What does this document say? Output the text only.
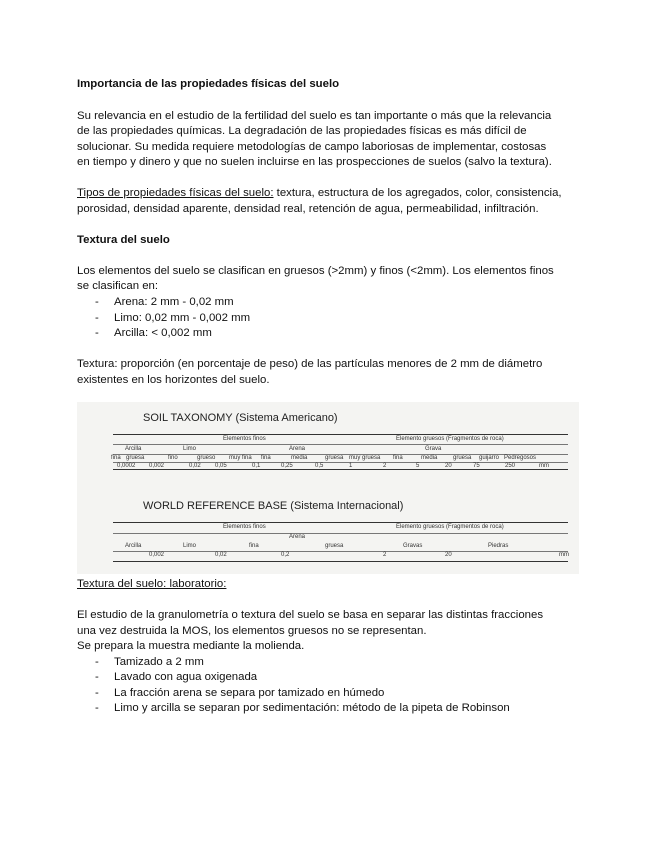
Importancia de las propiedades físicas del suelo
Su relevancia en el estudio de la fertilidad del suelo es tan importante o más que la relevancia
de las propiedades químicas. La degradación de las propiedades físicas es más difícil de
solucionar. Su medida requiere metodologías de campo laboriosas de implementar, costosas
en tiempo y dinero y que no suelen incluirse en las prospecciones de suelos (salvo la textura).
Tipos de propiedades físicas del suelo: textura, estructura de los agregados, color, consistencia,
porosidad, densidad aparente, densidad real, retención de agua, permeabilidad, infiltración.
Textura del suelo
Los elementos del suelo se clasifican en gruesos (>2mm) y finos (<2mm). Los elementos finos
se clasifican en:
- Arena: 2 mm - 0,02 mm
- Limo: 0,02 mm - 0,002 mm
- Arcilla: < 0,002 mm
Textura: proporción (en porcentaje de peso) de las partículas menores de 2 mm de diámetro
existentes en los horizontes del suelo.
SOIL TAXONOMY (Sistema Americano)
Elementos finos	Elemento gruesos (Fragmentos de roca)
Arcilla	Limo	Arena	Grava
fina gruesa	fino	grueso muy fina fina	media	gruesa muy gruesa fina	media	gruesa guijarro Pedregosos
0,0002 0,002	0,02 0,05	0,1	0,25	0,5	1	2	5	20	75	250	mm
WORLD REFERENCE BASE (Sistema Internacional)
Elementos finos	Elemento gruesos (Fragmentos de roca)
Arena
Arcilla	Limo	fina	gruesa	Gravas	Piedras
0,002	0,02	0,2	2	20	mm
Textura del suelo: laboratorio:
El estudio de la granulometría o textura del suelo se basa en separar las distintas fracciones
una vez destruida la MOS, los elementos gruesos no se representan.
Se prepara la muestra mediante la molienda.
- Tamizado a 2 mm
- Lavado con agua oxigenada
- La fracción arena se separa por tamizado en húmedo
- Limo y arcilla se separan por sedimentación: método de la pipeta de Robinson
